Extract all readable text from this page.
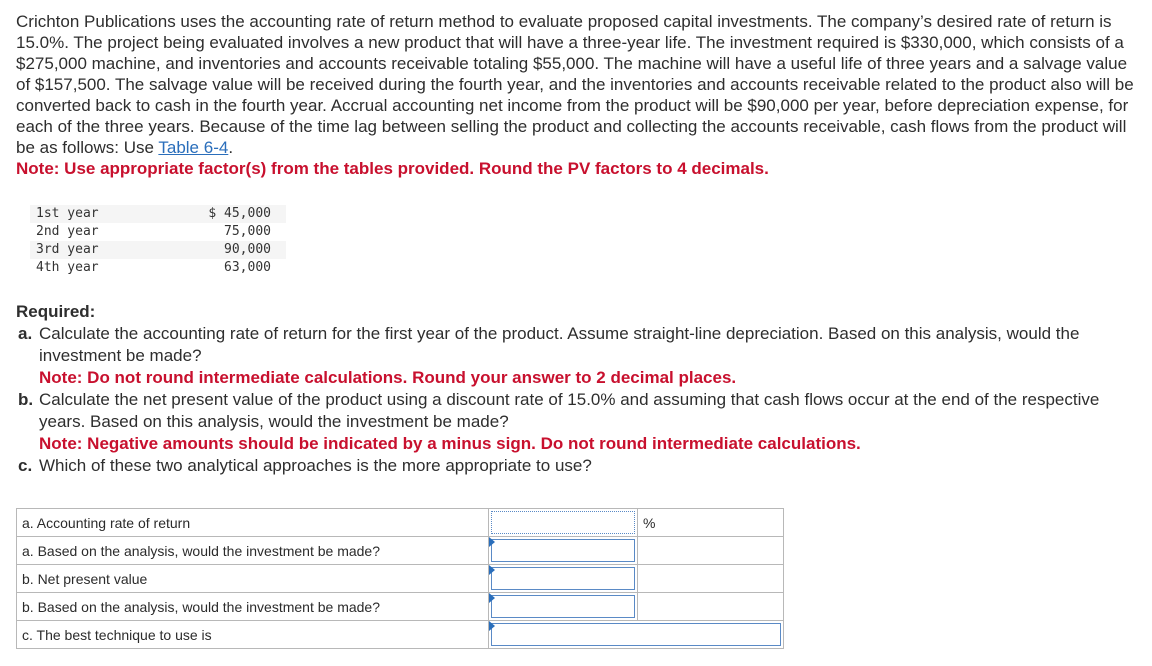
Crichton Publications uses the accounting rate of return method to evaluate proposed capital investments. The company’s desired rate of return is 15.0%. The project being evaluated involves a new product that will have a three-year life. The investment required is $330,000, which consists of a $275,000 machine, and inventories and accounts receivable totaling $55,000. The machine will have a useful life of three years and a salvage value of $157,500. The salvage value will be received during the fourth year, and the inventories and accounts receivable related to the product also will be converted back to cash in the fourth year. Accrual accounting net income from the product will be $90,000 per year, before depreciation expense, for each of the three years. Because of the time lag between selling the product and collecting the accounts receivable, cash flows from the product will be as follows: Use Table 6-4.
Note: Use appropriate factor(s) from the tables provided. Round the PV factors to 4 decimals.
1st year	$ 45,000
2nd year	75,000
3rd year	90,000
4th year	63,000
Required:
a. Calculate the accounting rate of return for the first year of the product. Assume straight-line depreciation. Based on this analysis, would the investment be made?
Note: Do not round intermediate calculations. Round your answer to 2 decimal places.
b. Calculate the net present value of the product using a discount rate of 15.0% and assuming that cash flows occur at the end of the respective years. Based on this analysis, would the investment be made?
Note: Negative amounts should be indicated by a minus sign. Do not round intermediate calculations.
c. Which of these two analytical approaches is the more appropriate to use?
a. Accounting rate of return		%
a. Based on the analysis, would the investment be made?	

b. Net present value	

b. Based on the analysis, would the investment be made?	

c. The best technique to use is		
